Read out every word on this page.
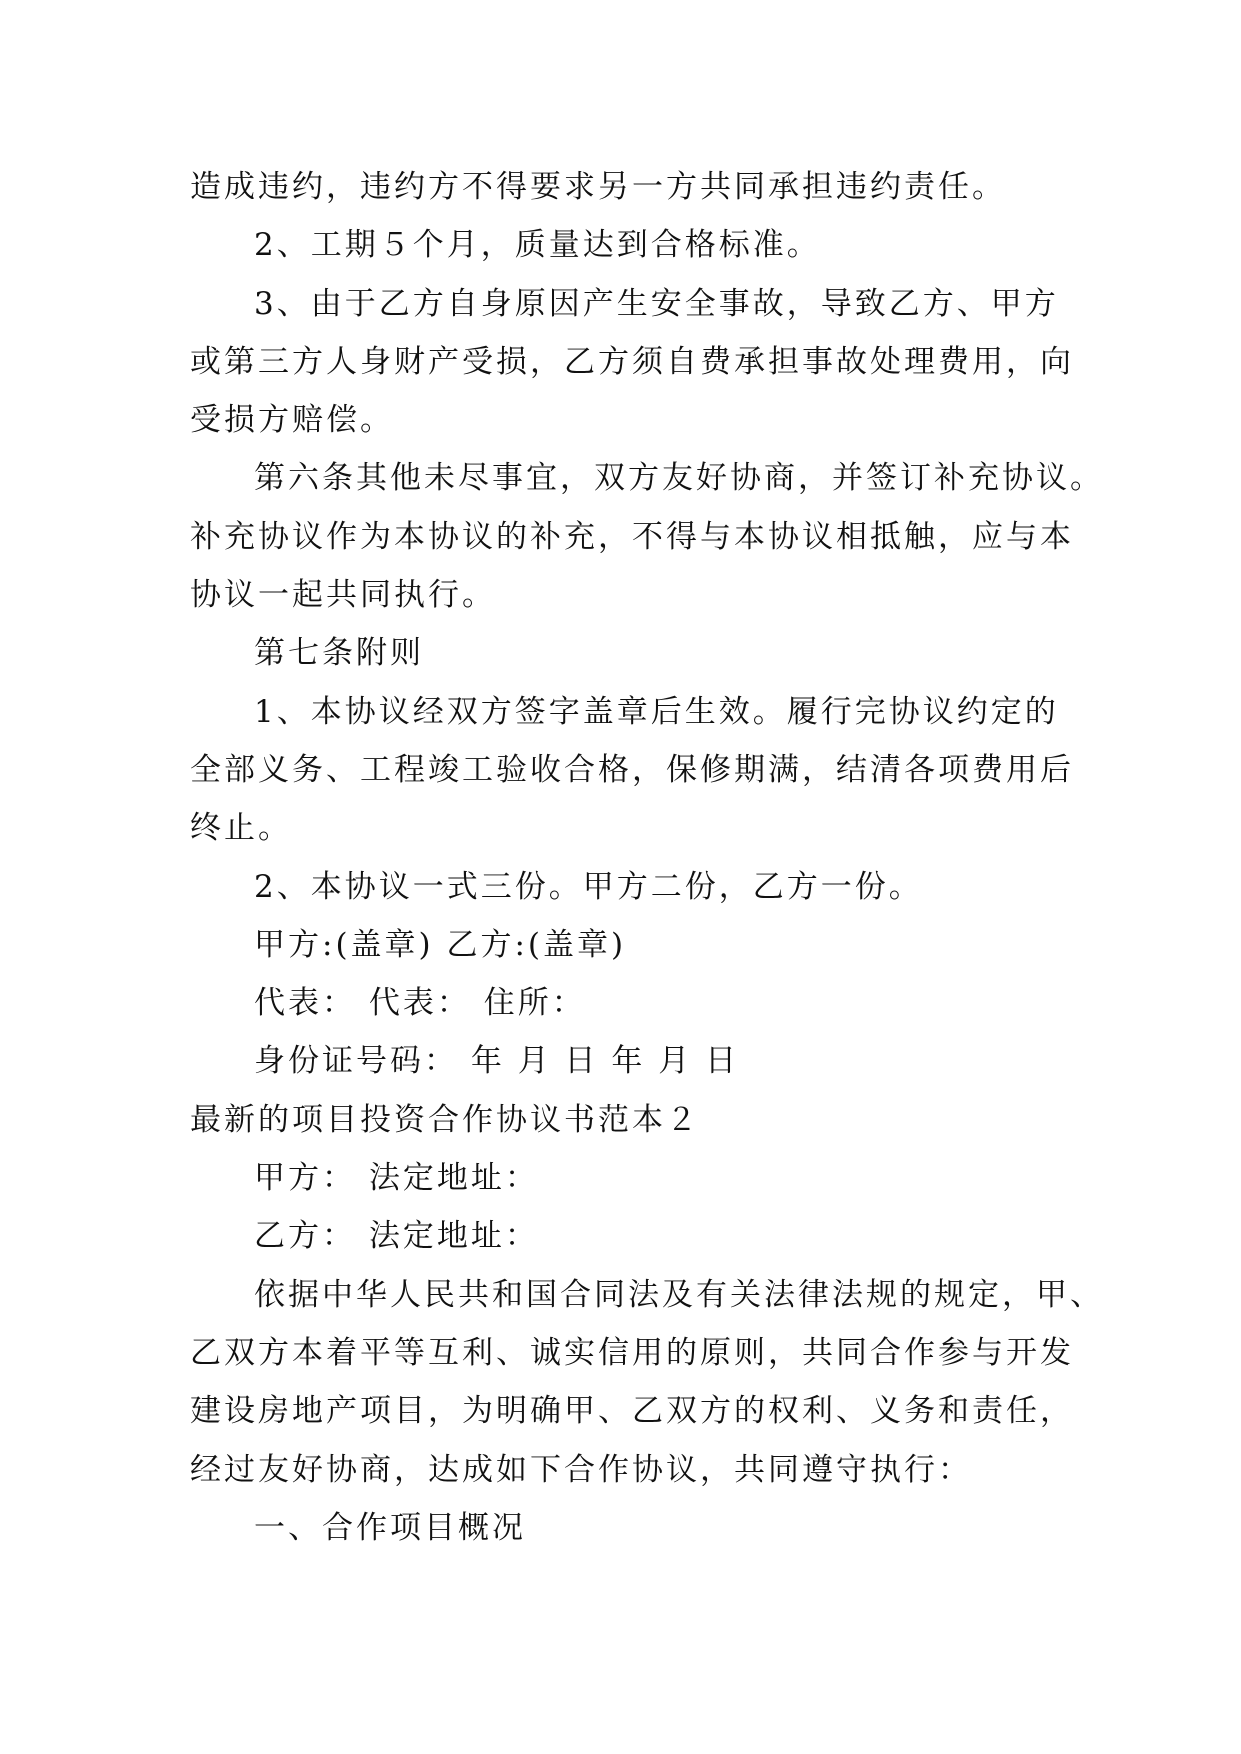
造成违约，违约方不得要求另一方共同承担违约责任。
2、工期５个月，质量达到合格标准。
3、由于乙方自身原因产生安全事故，导致乙方、甲方
或第三方人身财产受损，乙方须自费承担事故处理费用，向
受损方赔偿。
第六条其他未尽事宜，双方友好协商，并签订补充协议。
补充协议作为本协议的补充，不得与本协议相抵触，应与本
协议一起共同执行。
第七条附则
1、本协议经双方签字盖章后生效。履行完协议约定的
全部义务、工程竣工验收合格，保修期满，结清各项费用后
终止。
2、本协议一式三份。甲方二份，乙方一份。
甲方:(盖章) 乙方:(盖章)
代表： 代表： 住所：
身份证号码： 年 月 日 年 月 日
最新的项目投资合作协议书范本２
甲方： 法定地址：
乙方： 法定地址：
依据中华人民共和国合同法及有关法律法规的规定，甲、
乙双方本着平等互利、诚实信用的原则，共同合作参与开发
建设房地产项目，为明确甲、乙双方的权利、义务和责任，
经过友好协商，达成如下合作协议，共同遵守执行：
一、合作项目概况
